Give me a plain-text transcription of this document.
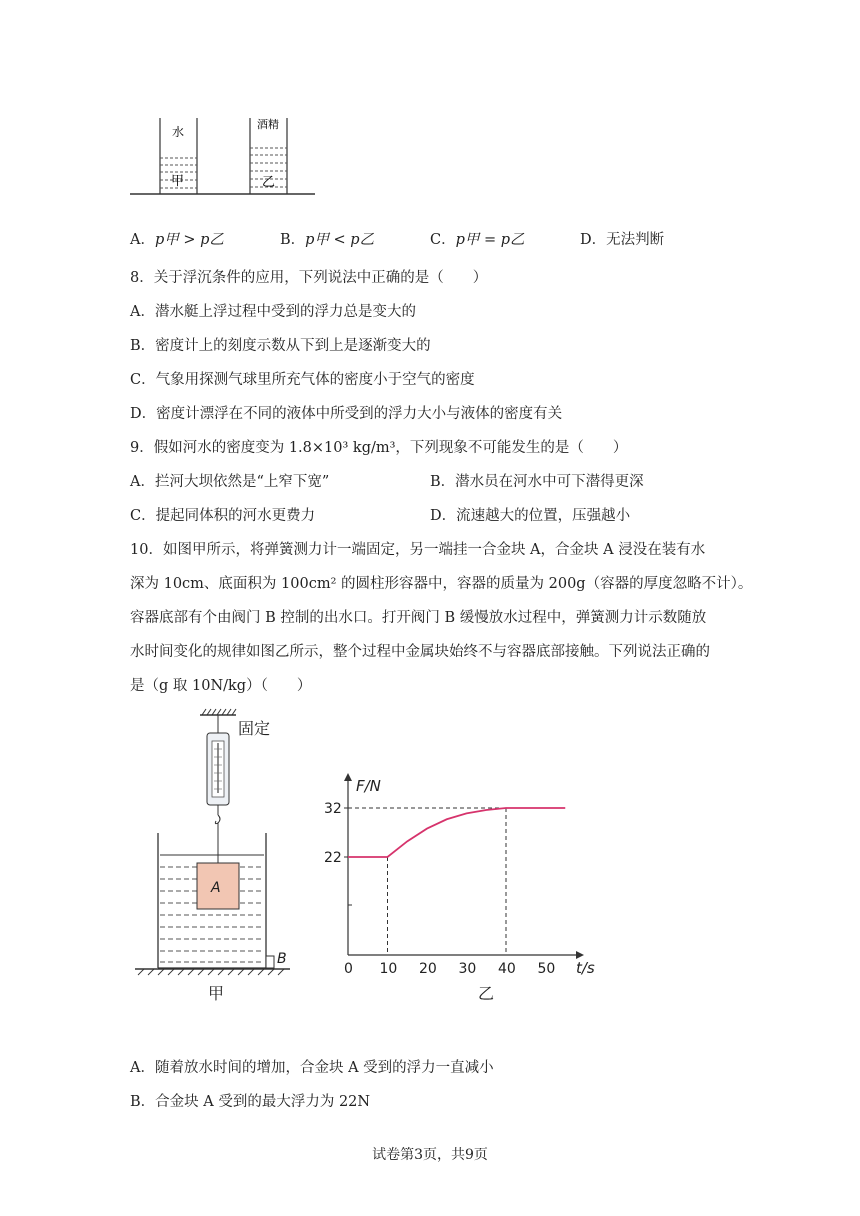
水
甲
酒精
乙
A．p甲 > p乙	B．p甲 < p乙	C．p甲 = p乙	D．无法判断
8．关于浮沉条件的应用，下列说法中正确的是（　　）
A．潜水艇上浮过程中受到的浮力总是变大的
B．密度计上的刻度示数从下到上是逐渐变大的
C．气象用探测气球里所充气体的密度小于空气的密度
D．密度计漂浮在不同的液体中所受到的浮力大小与液体的密度有关
9．假如河水的密度变为 1.8×10³ kg/m³，下列现象不可能发生的是（　　）
A．拦河大坝依然是“上窄下宽”	B．潜水员在河水中可下潜得更深
C．提起同体积的河水更费力	D．流速越大的位置，压强越小
10．如图甲所示，将弹簧测力计一端固定，另一端挂一合金块 A，合金块 A 浸没在装有水
深为 10cm、底面积为 100cm² 的圆柱形容器中，容器的质量为 200g（容器的厚度忽略不计）。
容器底部有个由阀门 B 控制的出水口。打开阀门 B 缓慢放水过程中，弹簧测力计示数随放
水时间变化的规律如图乙所示，整个过程中金属块始终不与容器底部接触。下列说法正确的
是（g 取 10N/kg）（　　）
固定
A
B
甲
F/N
t/s
乙
0 10 20 30 40 50
22
32
A．随着放水时间的增加，合金块 A 受到的浮力一直减小
B．合金块 A 受到的最大浮力为 22N
试卷第3页，共9页
